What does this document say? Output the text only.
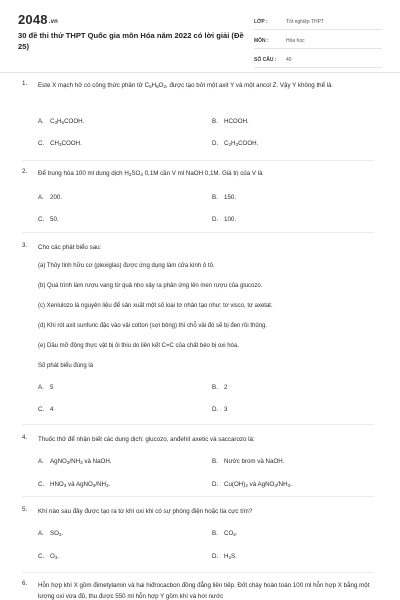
2048.vn
30 đề thi thử THPT Quốc gia môn Hóa năm 2022 có lời giải (Đề 25)
LỚP :	Tốt nghiệp THPT
MÔN :	Hóa học
SỐ CÂU :	40
1. Este X mạch hở có công thức phân tử $C_5H_8O_2$, được tạo bởi một axit Y và một ancol Z. Vậy Y không thể là
A. $C_3H_5COOH$.	B. HCOOH.
C. $CH_3COOH$.	D. $C_2H_3COOH$.
2. Để trung hòa 100 ml dung dịch $H_2SO_4$ 0,1M cần V ml NaOH 0,1M. Giá trị của V là
A. 200.	B. 150.
C. 50.	D. 100.
3. Cho các phát biểu sau:
(a) Thủy tinh hữu cơ (plexiglas) được ứng dụng làm cửa kính ô tô.
(b) Quá trình làm rượu vang từ quả nho xảy ra phản ứng lên men rượu của glucozo.
(c) Xenlulozo là nguyên liệu để sản xuất một số loại tơ nhân tạo như: tơ visco, tơ axetat.
(d) Khi rót axit sunfuric đặc vào vải cotton (sợi bông) thì chỗ vải đó sẽ bị đen rồi thủng.
(e) Dầu mỡ động thực vật bị ôi thiu do liên kết C=C của chất béo bị oxi hóa.
Số phát biểu đúng là
A. 5	B. 2
C. 4	D. 3
4. Thuốc thử để nhận biết các dung dịch: glucozo, anđehit axetic và saccarozo là:
A. $AgNO_3/NH_3$ và NaOH.	B. Nước brom và NaOH.
C. $HNO_3$ và $AgNO_3/NH_3$.	D. $Cu(OH)_2$ và $AgNO_3/NH_3$.
5. Khí nào sau đây được tạo ra từ khí oxi khi có sự phóng điện hoặc tia cực tím?
A. $SO_2$.	B. $CO_2$.
C. $O_3$.	D. $H_2S$.
6. Hỗn hợp khí X gồm đimetylamin và hai hiđrocacbon đồng đẳng liên tiếp. Đốt cháy hoàn toàn 100 ml hỗn hợp X bằng một lượng oxi vừa đủ, thu được 550 ml hỗn hợp Y gồm khí và hơi nước
